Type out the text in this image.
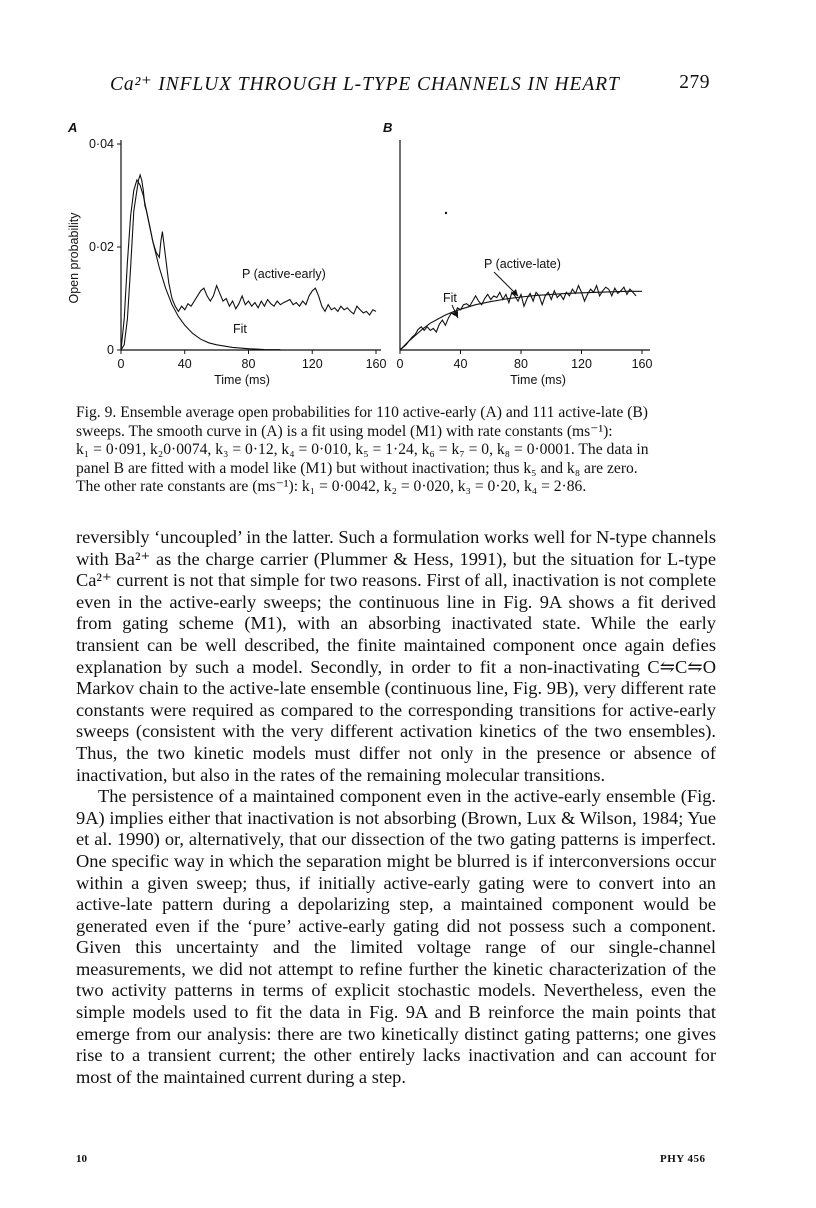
Ca²⁺ INFLUX THROUGH L-TYPE CHANNELS IN HEART	279
A
0	40	80	120	160
0
0·02
0·04
Open probability
Time (ms)
P (active-early)
Fit
B
0	40	80	120	160
Time (ms)
P (active-late)
Fit
Fig. 9. Ensemble average open probabilities for 110 active-early (A) and 111 active-late (B)
sweeps. The smooth curve in (A) is a fit using model (M1) with rate constants (ms⁻¹):
k₁ = 0·091, k₂0·0074, k₃ = 0·12, k₄ = 0·010, k₅ = 1·24, k₆ = k₇ = 0, k₈ = 0·0001. The data in
panel B are fitted with a model like (M1) but without inactivation; thus k₅ and k₈ are zero.
The other rate constants are (ms⁻¹): k₁ = 0·0042, k₂ = 0·020, k₃ = 0·20, k₄ = 2·86.

reversibly ‘uncoupled’ in the latter. Such a formulation works well for N-type channels with Ba²⁺ as the charge carrier (Plummer & Hess, 1991), but the situation for L-type Ca²⁺ current is not that simple for two reasons. First of all, inactivation is not complete even in the active-early sweeps; the continuous line in Fig. 9A shows a fit derived from gating scheme (M1), with an absorbing inactivated state. While the early transient can be well described, the finite maintained component once again defies explanation by such a model. Secondly, in order to fit a non-inactivating C⇋C⇋O Markov chain to the active-late ensemble (continuous line, Fig. 9B), very different rate constants were required as compared to the corresponding transitions for active-early sweeps (consistent with the very different activation kinetics of the two ensembles). Thus, the two kinetic models must differ not only in the presence or absence of inactivation, but also in the rates of the remaining molecular transitions.

The persistence of a maintained component even in the active-early ensemble (Fig. 9A) implies either that inactivation is not absorbing (Brown, Lux & Wilson, 1984; Yue et al. 1990) or, alternatively, that our dissection of the two gating patterns is imperfect. One specific way in which the separation might be blurred is if interconversions occur within a given sweep; thus, if initially active-early gating were to convert into an active-late pattern during a depolarizing step, a maintained component would be generated even if the ‘pure’ active-early gating did not possess such a component. Given this uncertainty and the limited voltage range of our single-channel measurements, we did not attempt to refine further the kinetic characterization of the two activity patterns in terms of explicit stochastic models. Nevertheless, even the simple models used to fit the data in Fig. 9A and B reinforce the main points that emerge from our analysis: there are two kinetically distinct gating patterns; one gives rise to a transient current; the other entirely lacks inactivation and can account for most of the maintained current during a step.

10	PHY 456
